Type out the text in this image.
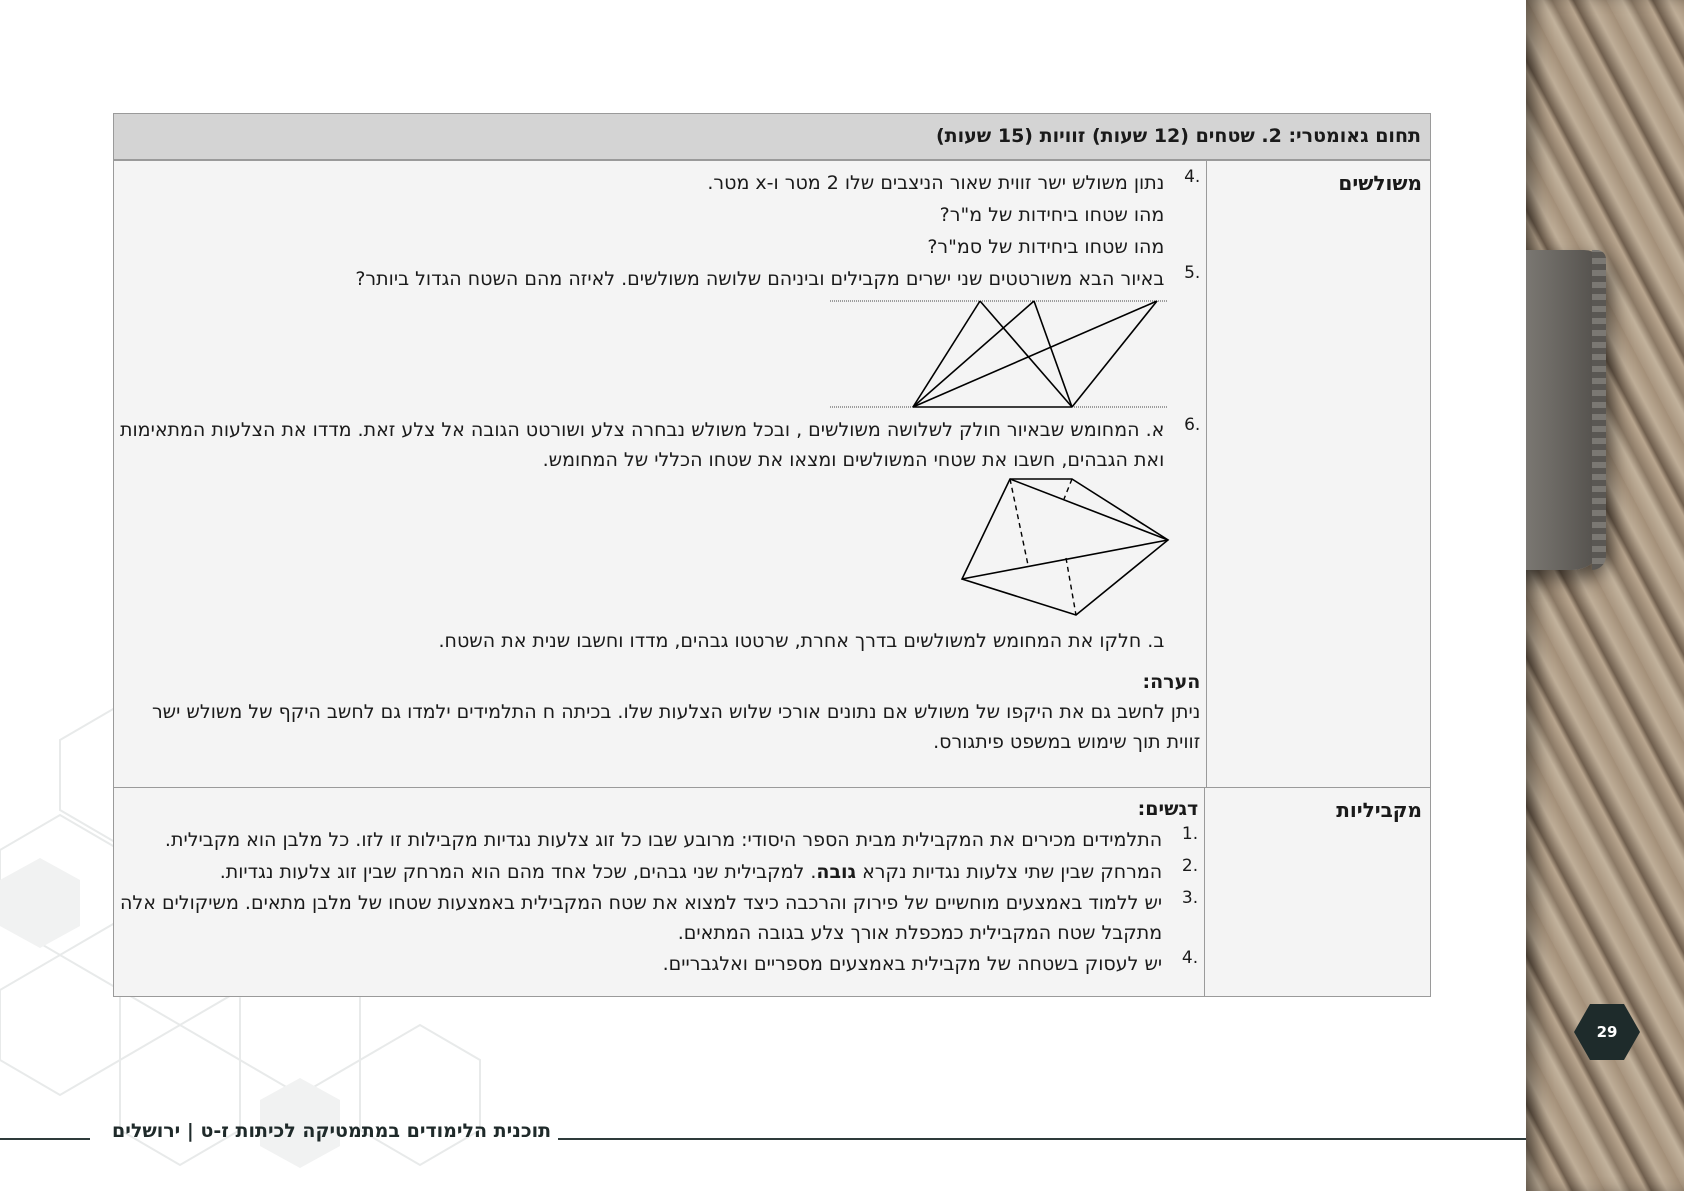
29
תחום גאומטרי: 2. שטחים (12 שעות) זוויות (15 שעות)
משולשים
.4
נתון משולש ישר זווית שאור הניצבים שלו 2 מטר ו-x מטר.
מהו שטחו ביחידות של מ"ר?
מהו שטחו ביחידות של סמ"ר?
.5
באיור הבא משורטטים שני ישרים מקבילים וביניהם שלושה משולשים. לאיזה מהם השטח הגדול ביותר?
.6
א. המחומש שבאיור חולק לשלושה משולשים , ובכל משולש נבחרה צלע ושורטט הגובה אל צלע זאת. מדדו את הצלעות המתאימות
ואת הגבהים, חשבו את שטחי המשולשים ומצאו את שטחו הכללי של המחומש.
ב. חלקו את המחומש למשולשים בדרך אחרת, שרטטו גבהים, מדדו וחשבו שנית את השטח.
הערה:
ניתן לחשב גם את היקפו של משולש אם נתונים אורכי שלוש הצלעות שלו. בכיתה ח התלמידים ילמדו גם לחשב היקף של משולש ישר
זווית תוך שימוש במשפט פיתגורס.
מקביליות
דגשים:
.1
התלמידים מכירים את המקבילית מבית הספר היסודי: מרובע שבו כל זוג צלעות נגדיות מקבילות זו לזו. כל מלבן הוא מקבילית.
.2
המרחק שבין שתי צלעות נגדיות נקרא גובה. למקבילית שני גבהים, שכל אחד מהם הוא המרחק שבין זוג צלעות נגדיות.
.3
יש ללמוד באמצעים מוחשיים של פירוק והרכבה כיצד למצוא את שטח המקבילית באמצעות שטחו של מלבן מתאים. משיקולים אלה
מתקבל שטח המקבילית כמכפלת אורך צלע בגובה המתאים.
.4
יש לעסוק בשטחה של מקבילית באמצעים מספריים ואלגבריים.
תוכנית הלימודים במתמטיקה לכיתות ז-ט | ירושלים
